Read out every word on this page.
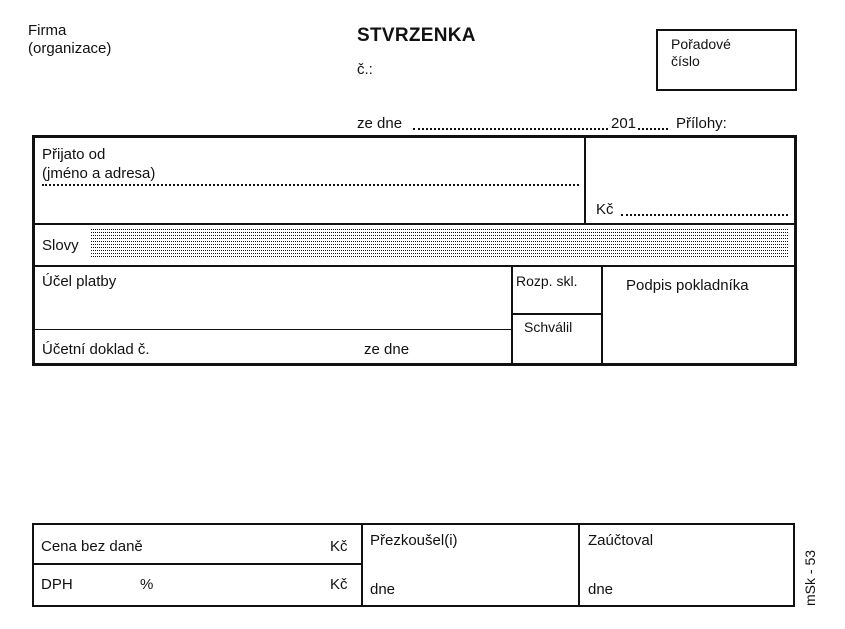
Firma
(organizace)
STVRZENKA
č.:
Pořadové
číslo
ze dne	201	Přílohy:
Přijato od
(jméno a adresa)
Kč
Slovy
Účel platby	Rozp. skl.
Schválil
Podpis pokladníka
Účetní doklad č.	ze dne
Cena bez daně	Kč
DPH	%	Kč
Přezkoušel(i)
dne
Zaúčtoval
dne	mSk - 53
